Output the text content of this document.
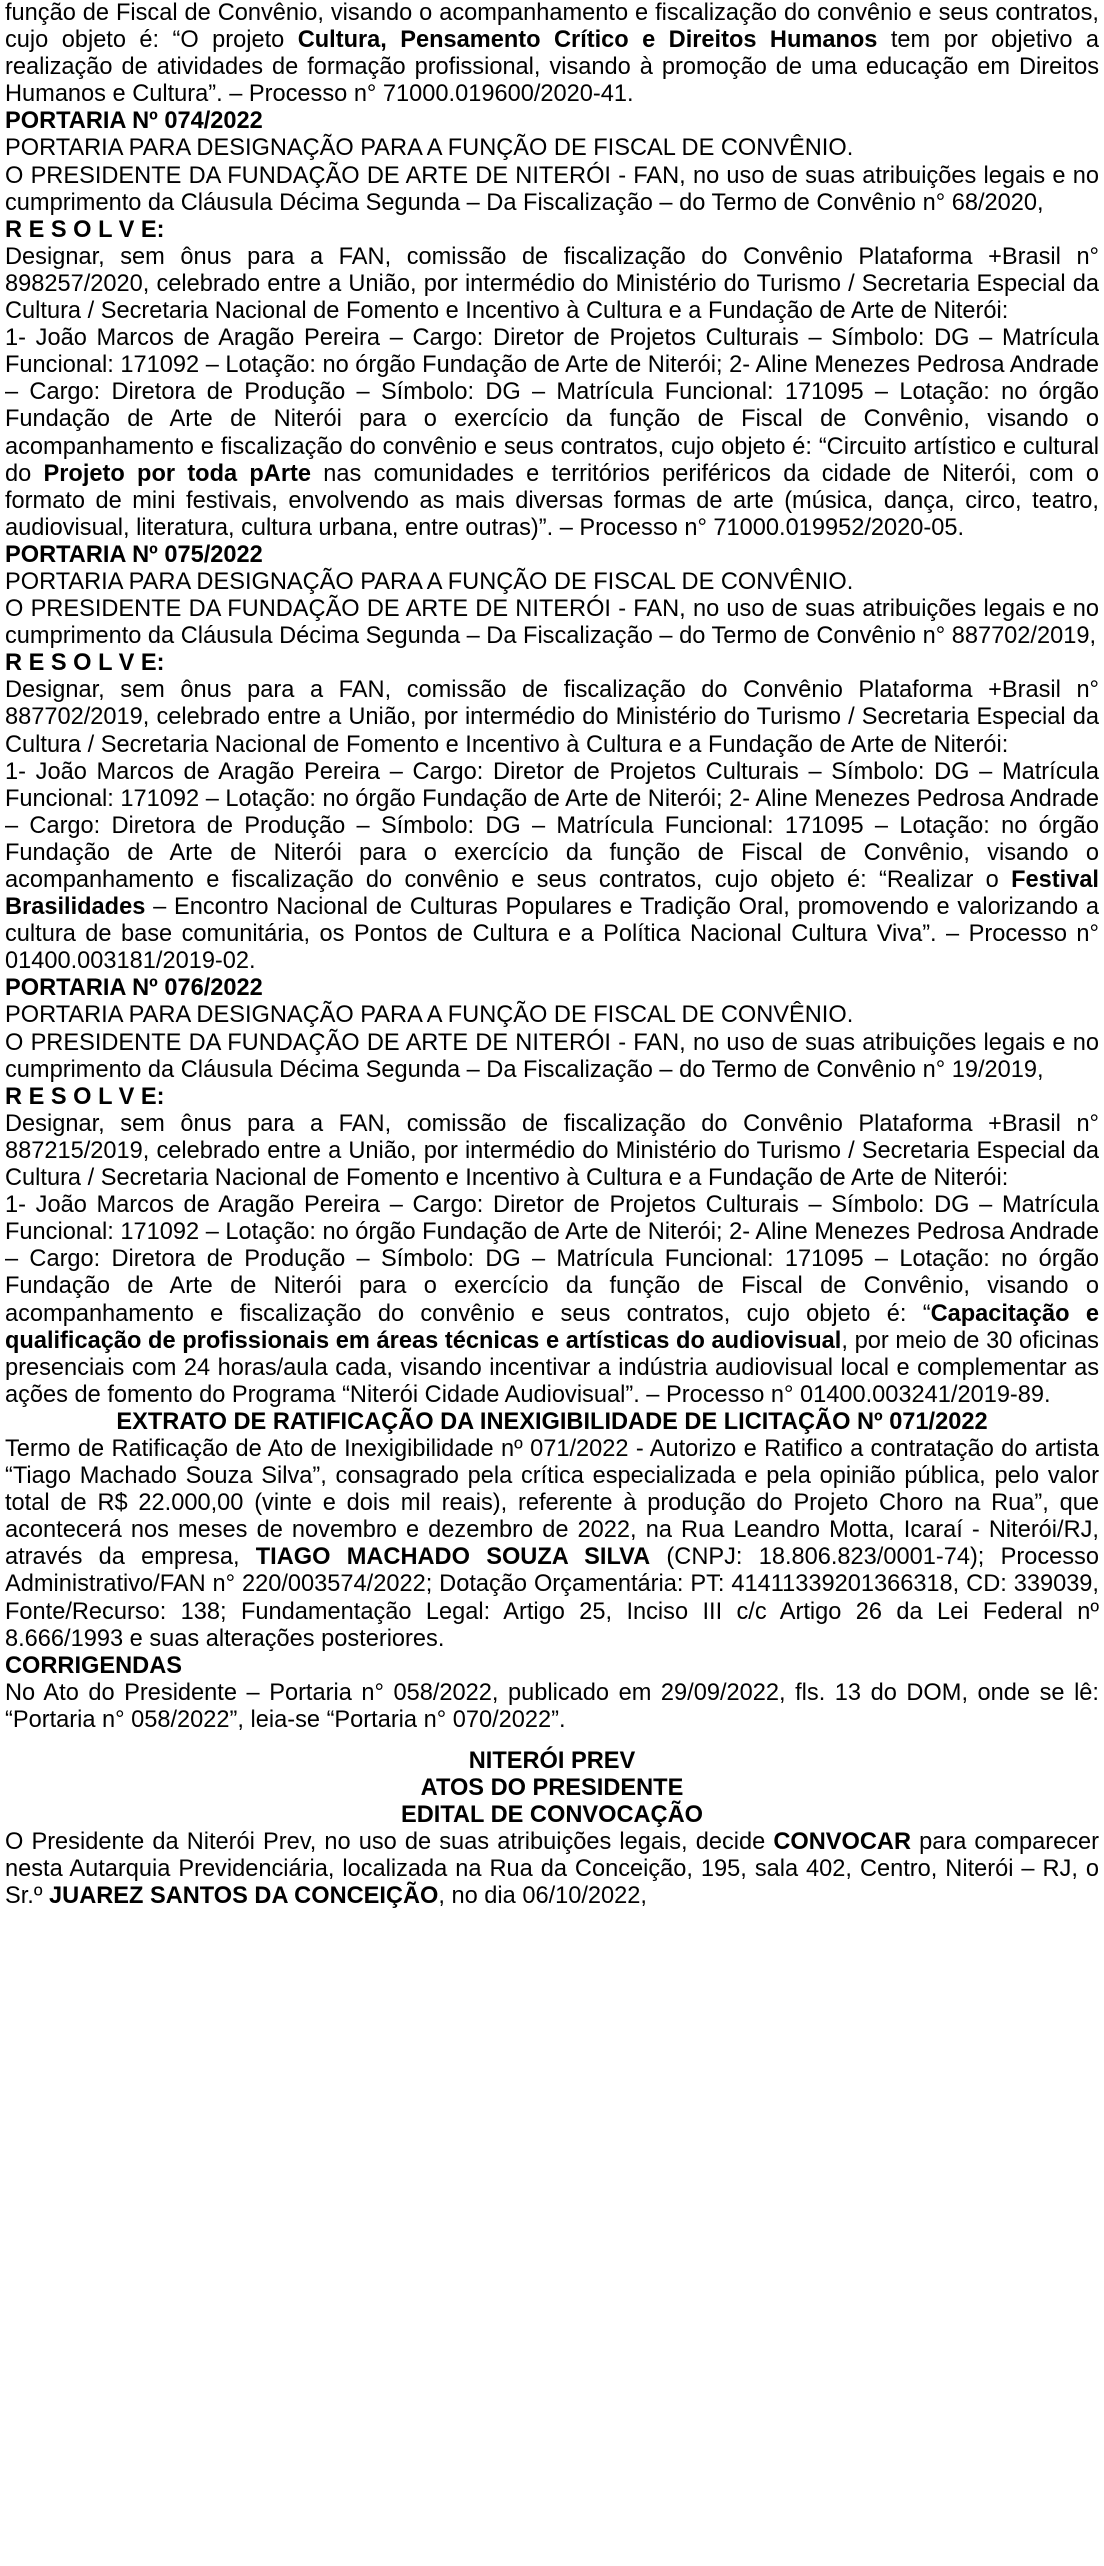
função de Fiscal de Convênio, visando o acompanhamento e fiscalização do convênio e seus contratos, cujo objeto é: “O projeto Cultura, Pensamento Crítico e Direitos Humanos tem por objetivo a realização de atividades de formação profissional, visando à promoção de uma educação em Direitos Humanos e Cultura”. – Processo n° 71000.019600/2020-41.

PORTARIA Nº 074/2022

PORTARIA PARA DESIGNAÇÃO PARA A FUNÇÃO DE FISCAL DE CONVÊNIO.

O PRESIDENTE DA FUNDAÇÃO DE ARTE DE NITERÓI - FAN, no uso de suas atribuições legais e no cumprimento da Cláusula Décima Segunda – Da Fiscalização – do Termo de Convênio n° 68/2020,

R E S O L V E:

Designar, sem ônus para a FAN, comissão de fiscalização do Convênio Plataforma +Brasil n° 898257/2020, celebrado entre a União, por intermédio do Ministério do Turismo / Secretaria Especial da Cultura / Secretaria Nacional de Fomento e Incentivo à Cultura e a Fundação de Arte de Niterói:

1- João Marcos de Aragão Pereira – Cargo: Diretor de Projetos Culturais – Símbolo: DG – Matrícula Funcional: 171092 – Lotação: no órgão Fundação de Arte de Niterói; 2- Aline Menezes Pedrosa Andrade – Cargo: Diretora de Produção – Símbolo: DG – Matrícula Funcional: 171095 – Lotação: no órgão Fundação de Arte de Niterói para o exercício da função de Fiscal de Convênio, visando o acompanhamento e fiscalização do convênio e seus contratos, cujo objeto é: “Circuito artístico e cultural do Projeto por toda pArte nas comunidades e territórios periféricos da cidade de Niterói, com o formato de mini festivais, envolvendo as mais diversas formas de arte (música, dança, circo, teatro, audiovisual, literatura, cultura urbana, entre outras)”. – Processo n° 71000.019952/2020-05.

PORTARIA Nº 075/2022

PORTARIA PARA DESIGNAÇÃO PARA A FUNÇÃO DE FISCAL DE CONVÊNIO.

O PRESIDENTE DA FUNDAÇÃO DE ARTE DE NITERÓI - FAN, no uso de suas atribuições legais e no cumprimento da Cláusula Décima Segunda – Da Fiscalização – do Termo de Convênio n° 887702/2019,

R E S O L V E:

Designar, sem ônus para a FAN, comissão de fiscalização do Convênio Plataforma +Brasil n° 887702/2019, celebrado entre a União, por intermédio do Ministério do Turismo / Secretaria Especial da Cultura / Secretaria Nacional de Fomento e Incentivo à Cultura e a Fundação de Arte de Niterói:

1- João Marcos de Aragão Pereira – Cargo: Diretor de Projetos Culturais – Símbolo: DG – Matrícula Funcional: 171092 – Lotação: no órgão Fundação de Arte de Niterói; 2- Aline Menezes Pedrosa Andrade – Cargo: Diretora de Produção – Símbolo: DG – Matrícula Funcional: 171095 – Lotação: no órgão Fundação de Arte de Niterói para o exercício da função de Fiscal de Convênio, visando o acompanhamento e fiscalização do convênio e seus contratos, cujo objeto é: “Realizar o Festival Brasilidades – Encontro Nacional de Culturas Populares e Tradição Oral, promovendo e valorizando a cultura de base comunitária, os Pontos de Cultura e a Política Nacional Cultura Viva”. – Processo n° 01400.003181/2019-02.

PORTARIA Nº 076/2022

PORTARIA PARA DESIGNAÇÃO PARA A FUNÇÃO DE FISCAL DE CONVÊNIO.

O PRESIDENTE DA FUNDAÇÃO DE ARTE DE NITERÓI - FAN, no uso de suas atribuições legais e no cumprimento da Cláusula Décima Segunda – Da Fiscalização – do Termo de Convênio n° 19/2019,

R E S O L V E:

Designar, sem ônus para a FAN, comissão de fiscalização do Convênio Plataforma +Brasil n° 887215/2019, celebrado entre a União, por intermédio do Ministério do Turismo / Secretaria Especial da Cultura / Secretaria Nacional de Fomento e Incentivo à Cultura e a Fundação de Arte de Niterói:

1- João Marcos de Aragão Pereira – Cargo: Diretor de Projetos Culturais – Símbolo: DG – Matrícula Funcional: 171092 – Lotação: no órgão Fundação de Arte de Niterói; 2- Aline Menezes Pedrosa Andrade – Cargo: Diretora de Produção – Símbolo: DG – Matrícula Funcional: 171095 – Lotação: no órgão Fundação de Arte de Niterói para o exercício da função de Fiscal de Convênio, visando o acompanhamento e fiscalização do convênio e seus contratos, cujo objeto é: “Capacitação e qualificação de profissionais em áreas técnicas e artísticas do audiovisual, por meio de 30 oficinas presenciais com 24 horas/aula cada, visando incentivar a indústria audiovisual local e complementar as ações de fomento do Programa “Niterói Cidade Audiovisual”. – Processo n° 01400.003241/2019-89.

EXTRATO DE RATIFICAÇÃO DA INEXIGIBILIDADE DE LICITAÇÃO Nº 071/2022

Termo de Ratificação de Ato de Inexigibilidade nº 071/2022 - Autorizo e Ratifico a contratação do artista “Tiago Machado Souza Silva”, consagrado pela crítica especializada e pela opinião pública, pelo valor total de R$ 22.000,00 (vinte e dois mil reais), referente à produção do Projeto Choro na Rua”, que acontecerá nos meses de novembro e dezembro de 2022, na Rua Leandro Motta, Icaraí - Niterói/RJ, através da empresa, TIAGO MACHADO SOUZA SILVA (CNPJ: 18.806.823/0001-74); Processo Administrativo/FAN n° 220/003574/2022; Dotação Orçamentária: PT: 41411339201366318, CD: 339039, Fonte/Recurso: 138; Fundamentação Legal: Artigo 25, Inciso III c/c Artigo 26 da Lei Federal nº 8.666/1993 e suas alterações posteriores.

CORRIGENDAS

No Ato do Presidente – Portaria n° 058/2022, publicado em 29/09/2022, fls. 13 do DOM, onde se lê: “Portaria n° 058/2022”, leia-se “Portaria n° 070/2022”.

NITERÓI PREV

ATOS DO PRESIDENTE

EDITAL DE CONVOCAÇÃO

O Presidente da Niterói Prev, no uso de suas atribuições legais, decide CONVOCAR para comparecer nesta Autarquia Previdenciária, localizada na Rua da Conceição, 195, sala 402, Centro, Niterói – RJ, o Sr.º JUAREZ SANTOS DA CONCEIÇÃO, no dia 06/10/2022,
